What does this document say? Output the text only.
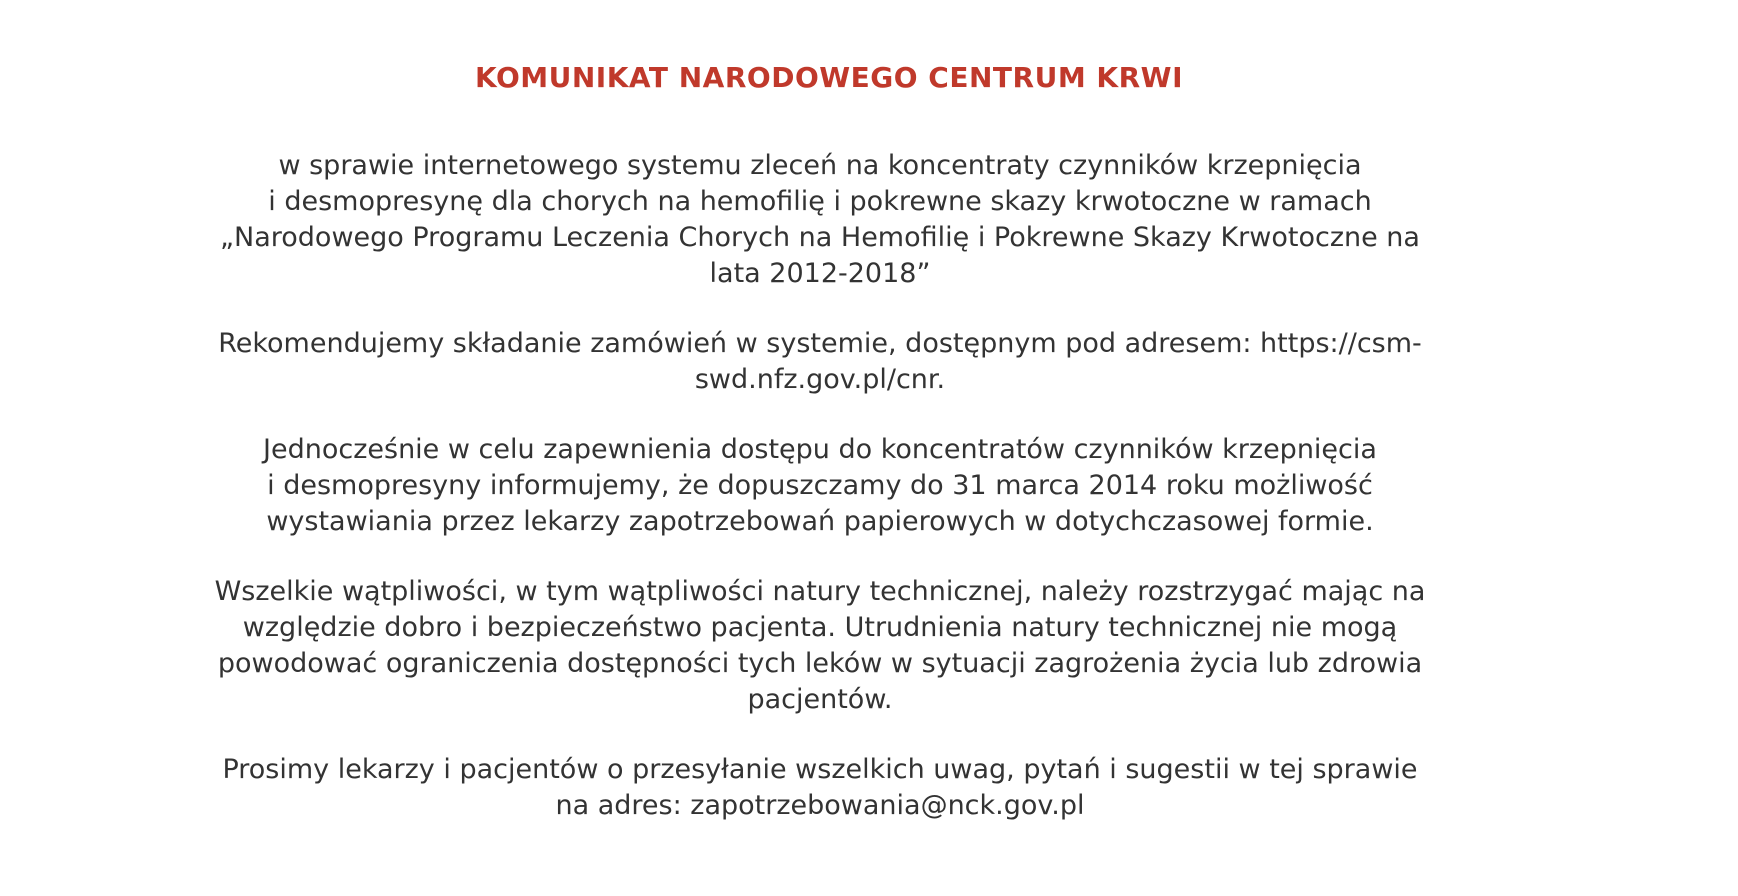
KOMUNIKAT NARODOWEGO CENTRUM KRWI

w sprawie internetowego systemu zleceń na koncentraty czynników krzepnięcia

i desmopresynę dla chorych na hemofilię i pokrewne skazy krwotoczne w ramach

„Narodowego Programu Leczenia Chorych na Hemofilię i Pokrewne Skazy Krwotoczne na

lata 2012-2018”

Rekomendujemy składanie zamówień w systemie, dostępnym pod adresem: https://csm-

swd.nfz.gov.pl/cnr.

Jednocześnie w celu zapewnienia dostępu do koncentratów czynników krzepnięcia

i desmopresyny informujemy, że dopuszczamy do 31 marca 2014 roku możliwość

wystawiania przez lekarzy zapotrzebowań papierowych w dotychczasowej formie.

Wszelkie wątpliwości, w tym wątpliwości natury technicznej, należy rozstrzygać mając na

względzie dobro i bezpieczeństwo pacjenta. Utrudnienia natury technicznej nie mogą

powodować ograniczenia dostępności tych leków w sytuacji zagrożenia życia lub zdrowia

pacjentów.

Prosimy lekarzy i pacjentów o przesyłanie wszelkich uwag, pytań i sugestii w tej sprawie

na adres: zapotrzebowania@nck.gov.pl
